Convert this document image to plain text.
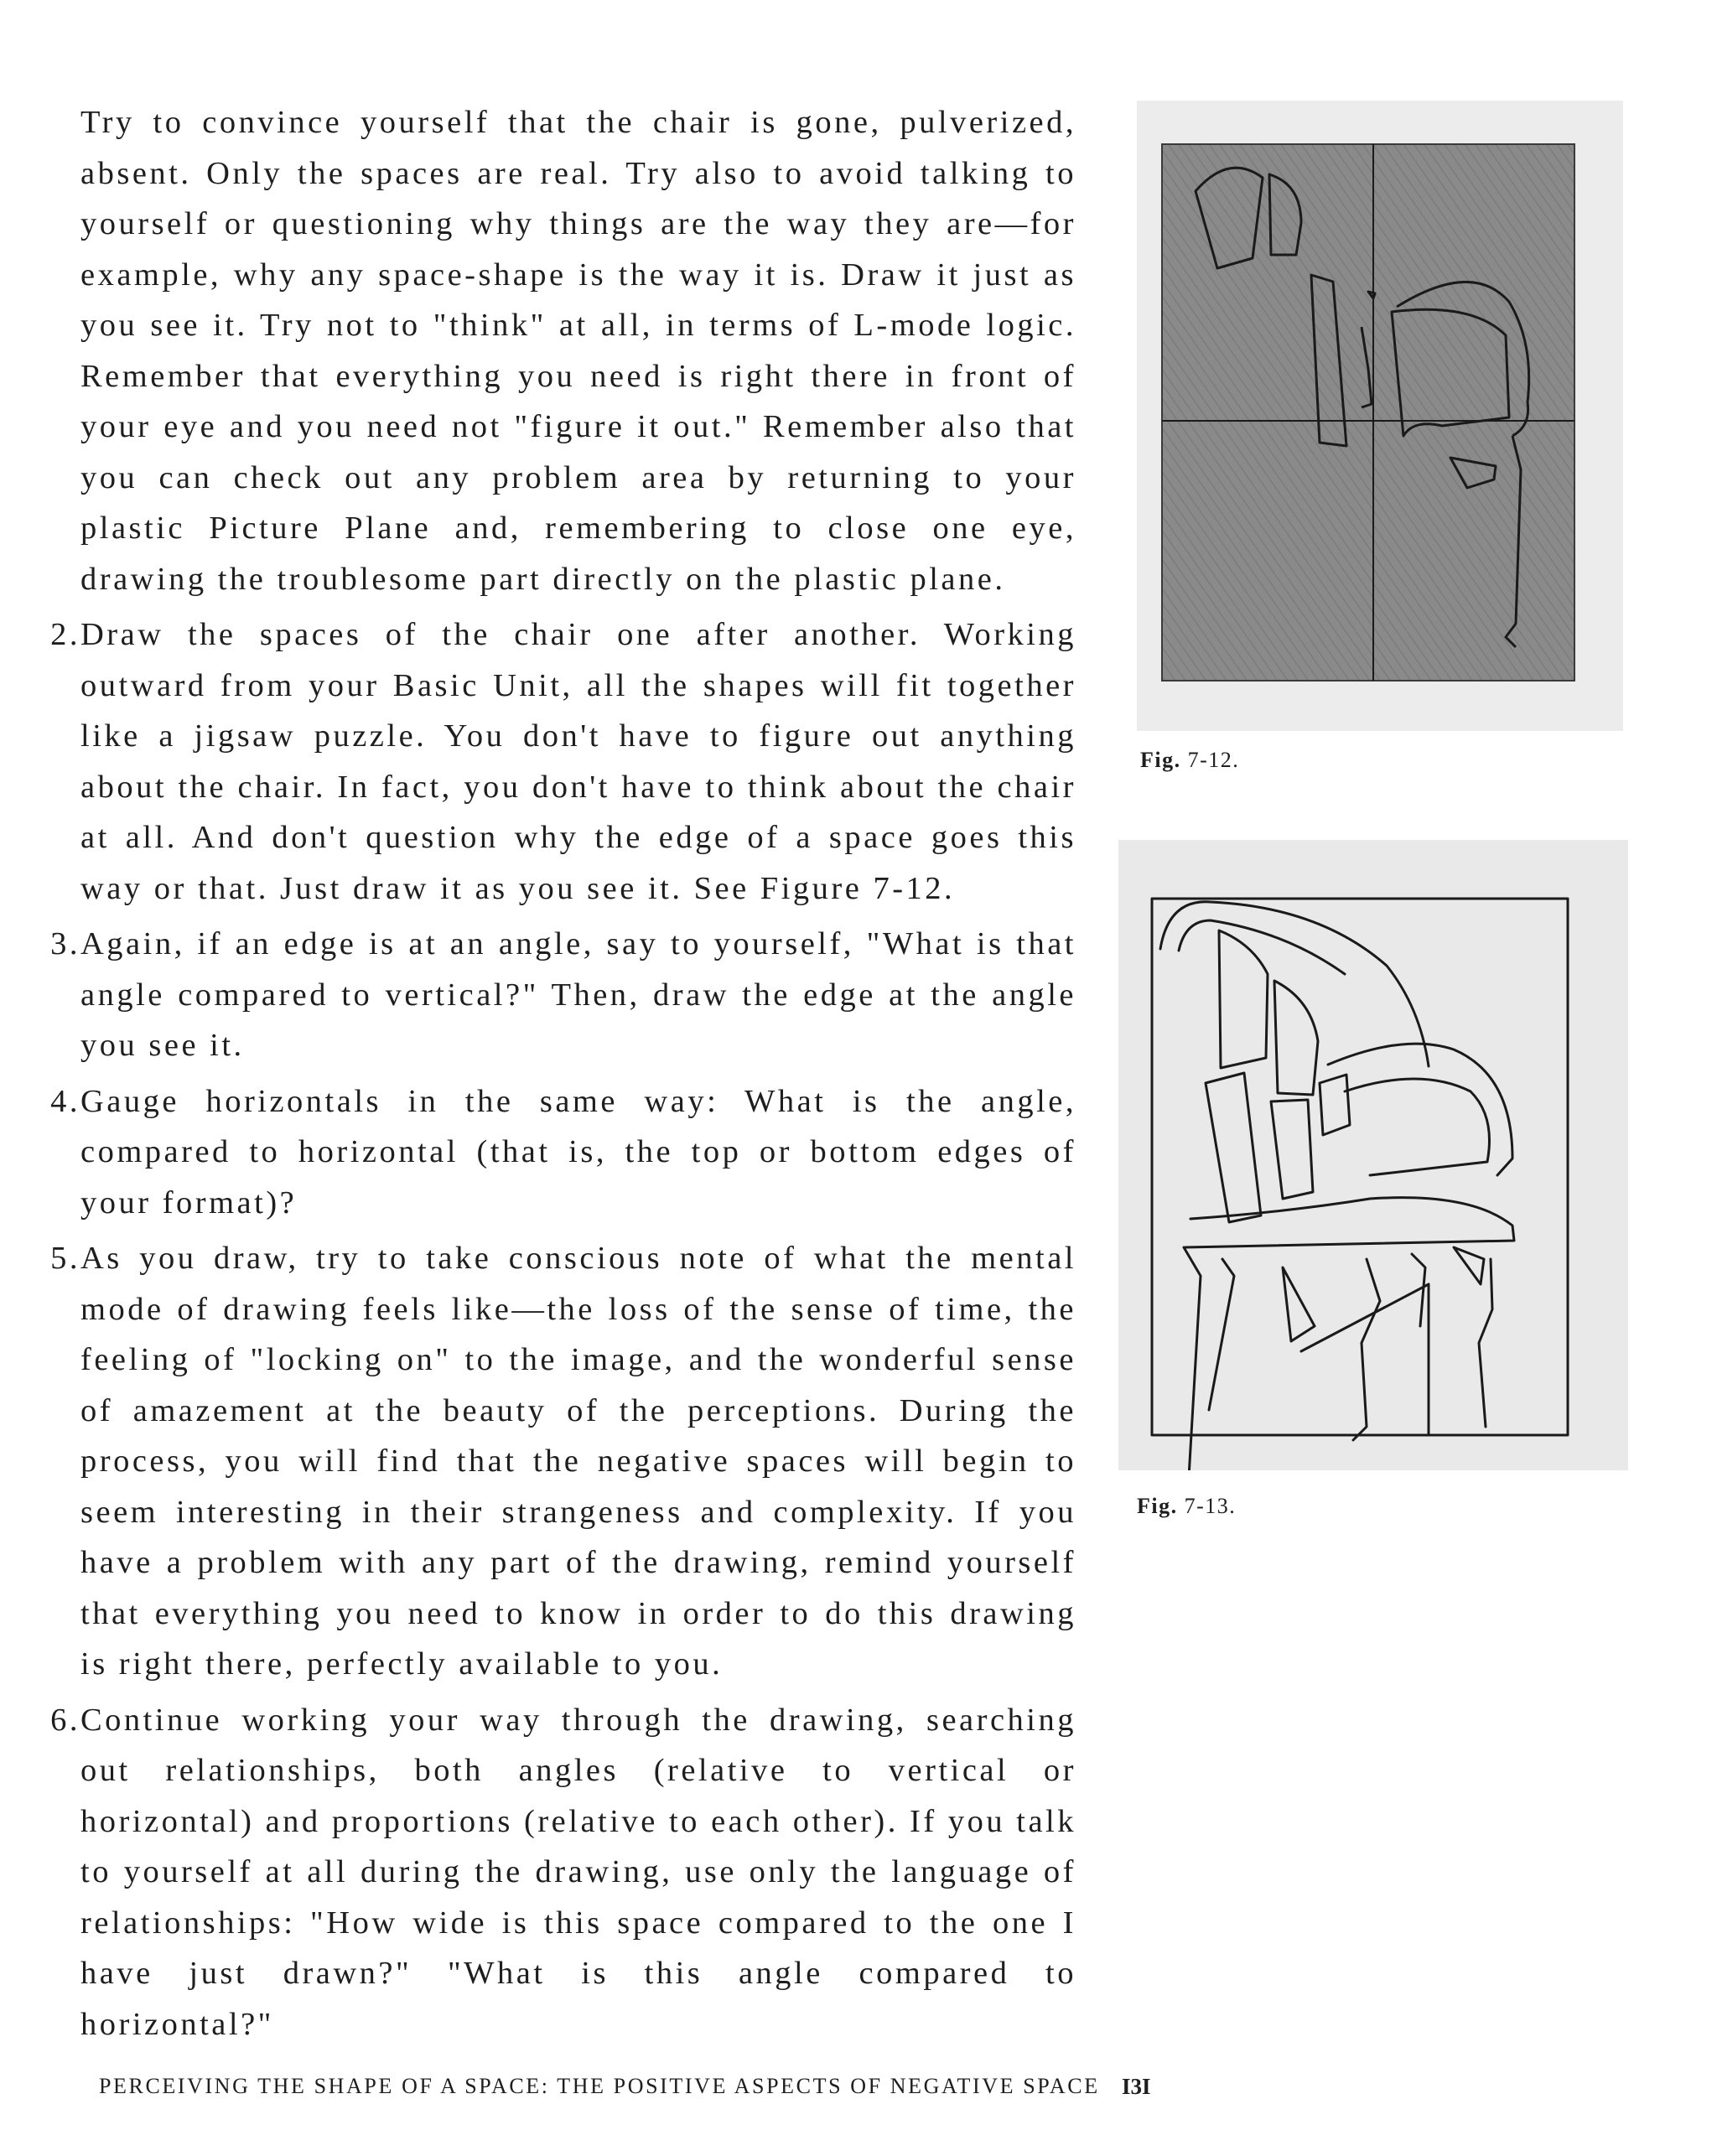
Try to convince yourself that the chair is gone, pulverized, absent. Only the spaces are real. Try also to avoid talking to yourself or questioning why things are the way they are—for example, why any space-shape is the way it is. Draw it just as you see it. Try not to "think" at all, in terms of L-mode logic. Remember that everything you need is right there in front of your eye and you need not "figure it out." Remember also that you can check out any problem area by returning to your plastic Picture Plane and, remembering to close one eye, drawing the troublesome part directly on the plastic plane.

2. Draw the spaces of the chair one after another. Working outward from your Basic Unit, all the shapes will fit together like a jigsaw puzzle. You don't have to figure out anything about the chair. In fact, you don't have to think about the chair at all. And don't question why the edge of a space goes this way or that. Just draw it as you see it. See Figure 7-12.

3. Again, if an edge is at an angle, say to yourself, "What is that angle compared to vertical?" Then, draw the edge at the angle you see it.

4. Gauge horizontals in the same way: What is the angle, compared to horizontal (that is, the top or bottom edges of your format)?

5. As you draw, try to take conscious note of what the mental mode of drawing feels like—the loss of the sense of time, the feeling of "locking on" to the image, and the wonderful sense of amazement at the beauty of the perceptions. During the process, you will find that the negative spaces will begin to seem interesting in their strangeness and complexity. If you have a problem with any part of the drawing, remind yourself that everything you need to know in order to do this drawing is right there, perfectly available to you.

6. Continue working your way through the drawing, searching out relationships, both angles (relative to vertical or horizontal) and proportions (relative to each other). If you talk to yourself at all during the drawing, use only the language of relationships: "How wide is this space compared to the one I have just drawn?" "What is this angle compared to horizontal?"

Fig. 7-12.
Fig. 7-13.
PERCEIVING THE SHAPE OF A SPACE: THE POSITIVE ASPECTS OF NEGATIVE SPACE I3I
